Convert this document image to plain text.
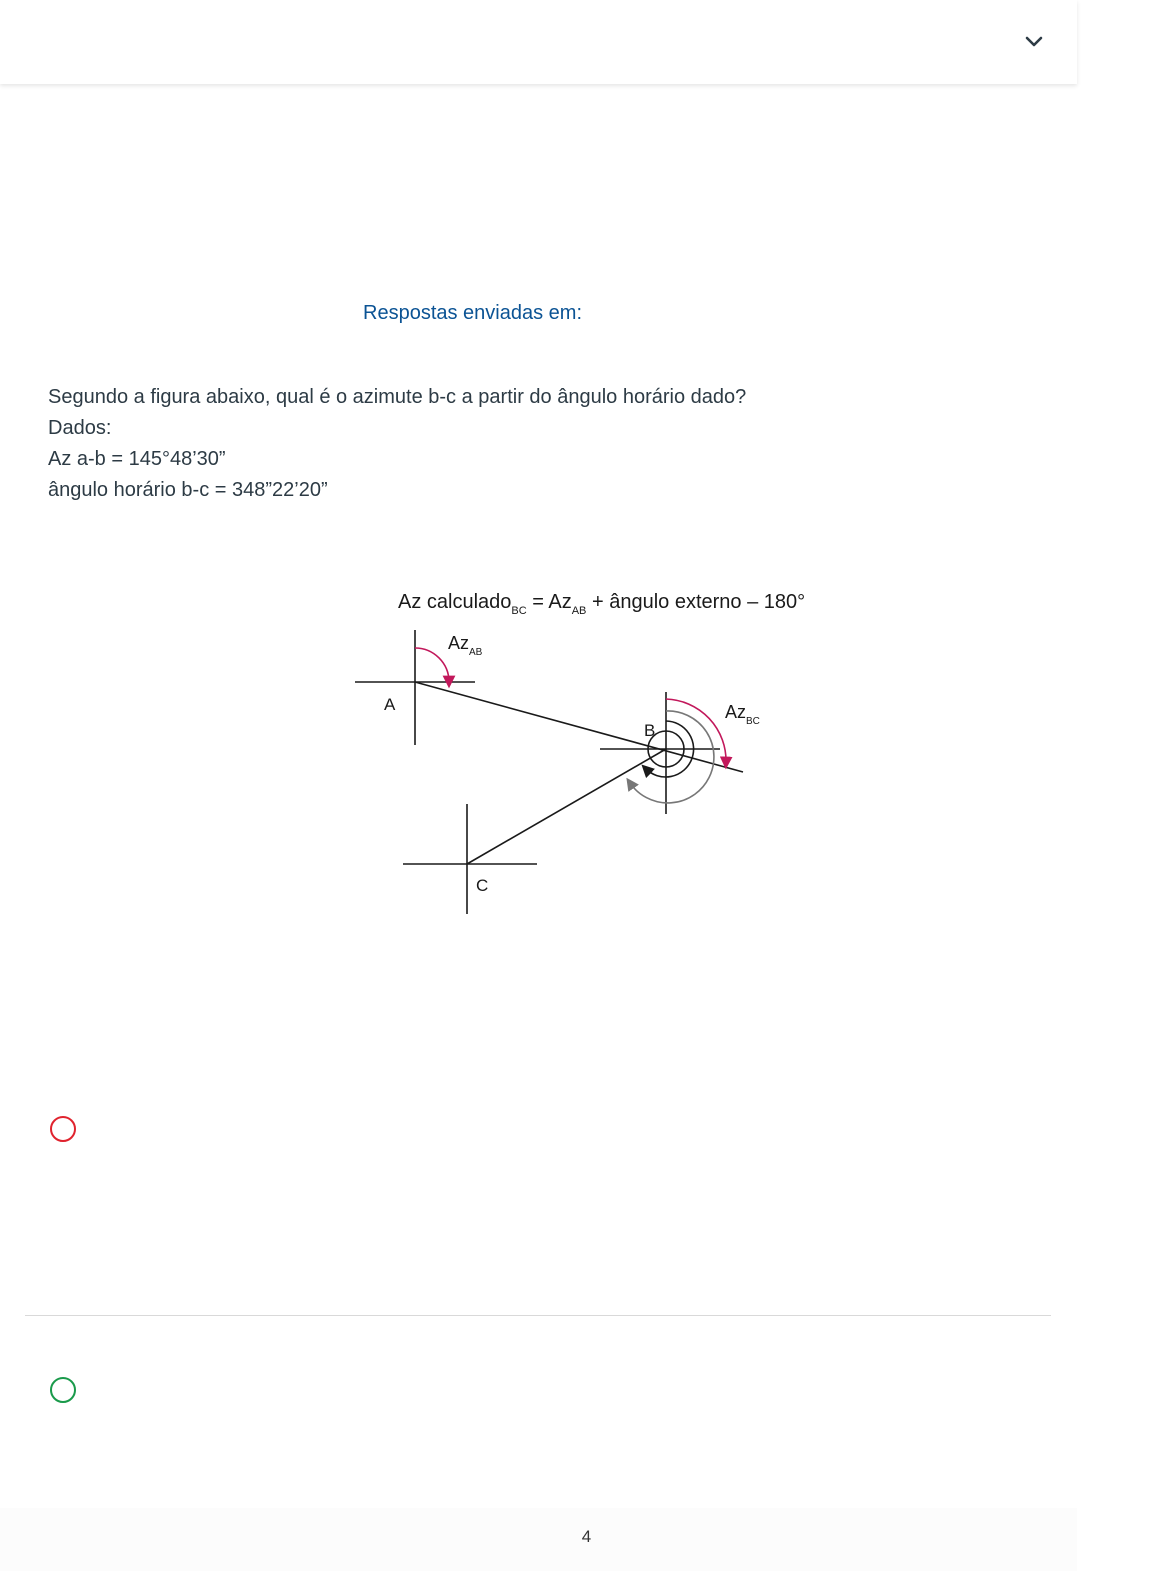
Respostas enviadas em:

Segundo a figura abaixo, qual é o azimute b-c a partir do ângulo horário dado?

Dados:

Az a-b = 145°48’30”

ângulo horário b-c = 348”22’20”

Az calculado$_{BC}$ = $Az_{AB}$ + ângulo externo – 180°
$Az_{AB}$
A	$Az_{BC}$
B
C
4
